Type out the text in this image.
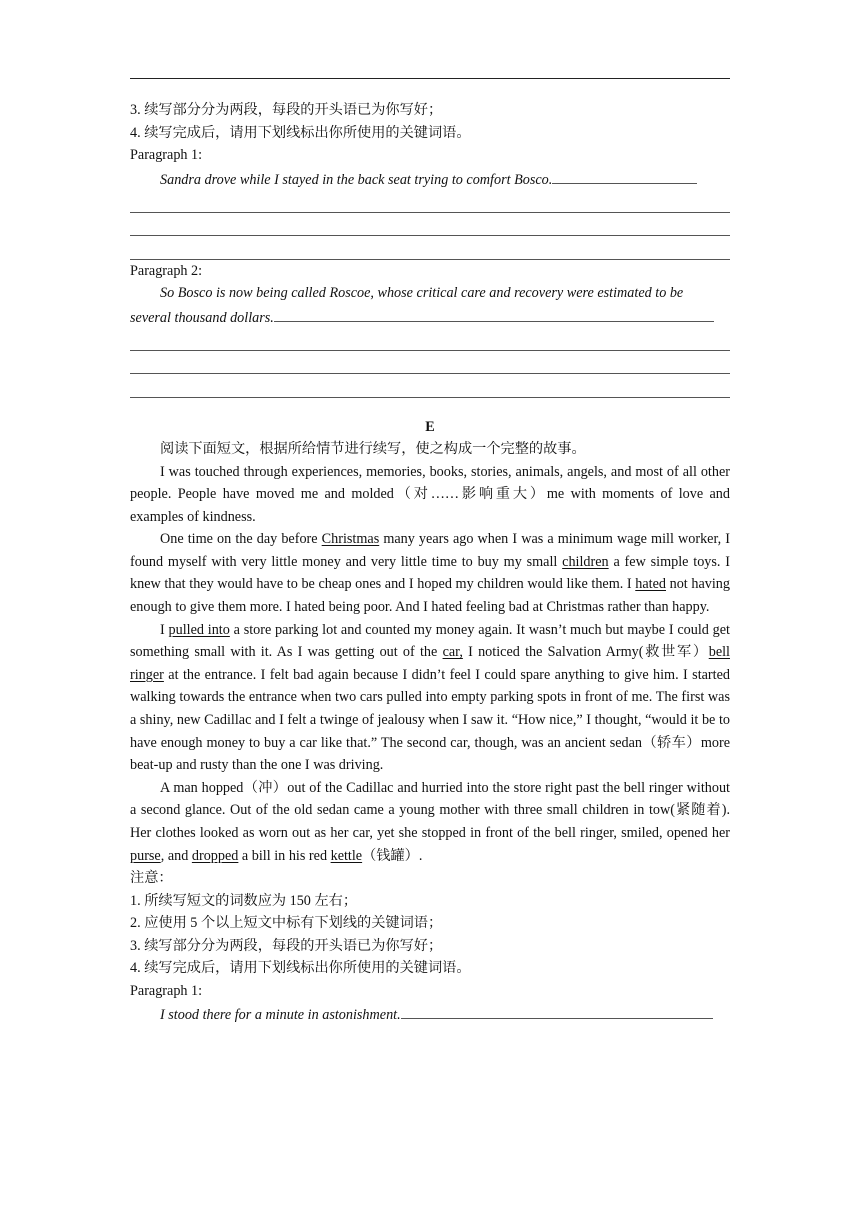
3. 续写部分分为两段，每段的开头语已为你写好；
4. 续写完成后，请用下划线标出你所使用的关键词语。
Paragraph 1:
Sandra drove while I stayed in the back seat trying to comfort Bosco.
Paragraph 2:
So Bosco is now being called Roscoe, whose critical care and recovery were estimated to be
several thousand dollars.
E
阅读下面短文，根据所给情节进行续写，使之构成一个完整的故事。
I was touched through experiences, memories, books, stories, animals, angels, and most of all other people. People have moved me and molded（对……影响重大）me with moments of love and examples of kindness.
One time on the day before Christmas many years ago when I was a minimum wage mill worker, I found myself with very little money and very little time to buy my small children a few simple toys. I knew that they would have to be cheap ones and I hoped my children would like them. I hated not having enough to give them more. I hated being poor. And I hated feeling bad at Christmas rather than happy.
I pulled into a store parking lot and counted my money again. It wasn’t much but maybe I could get something small with it. As I was getting out of the car, I noticed the Salvation Army(救世军）bell ringer at the entrance. I felt bad again because I didn’t feel I could spare anything to give him. I started walking towards the entrance when two cars pulled into empty parking spots in front of me. The first was a shiny, new Cadillac and I felt a twinge of jealousy when I saw it. “How nice,” I thought, “would it be to have enough money to buy a car like that.” The second car, though, was an ancient sedan（轿车）more beat-up and rusty than the one I was driving.
A man hopped（冲）out of the Cadillac and hurried into the store right past the bell ringer without a second glance. Out of the old sedan came a young mother with three small children in tow(紧随着). Her clothes looked as worn out as her car, yet she stopped in front of the bell ringer, smiled, opened her purse, and dropped a bill in his red kettle（钱罐）.
注意：
1. 所续写短文的词数应为 150 左右；
2. 应使用 5 个以上短文中标有下划线的关键词语；
3. 续写部分分为两段，每段的开头语已为你写好；
4. 续写完成后，请用下划线标出你所使用的关键词语。
Paragraph 1:
I stood there for a minute in astonishment.
